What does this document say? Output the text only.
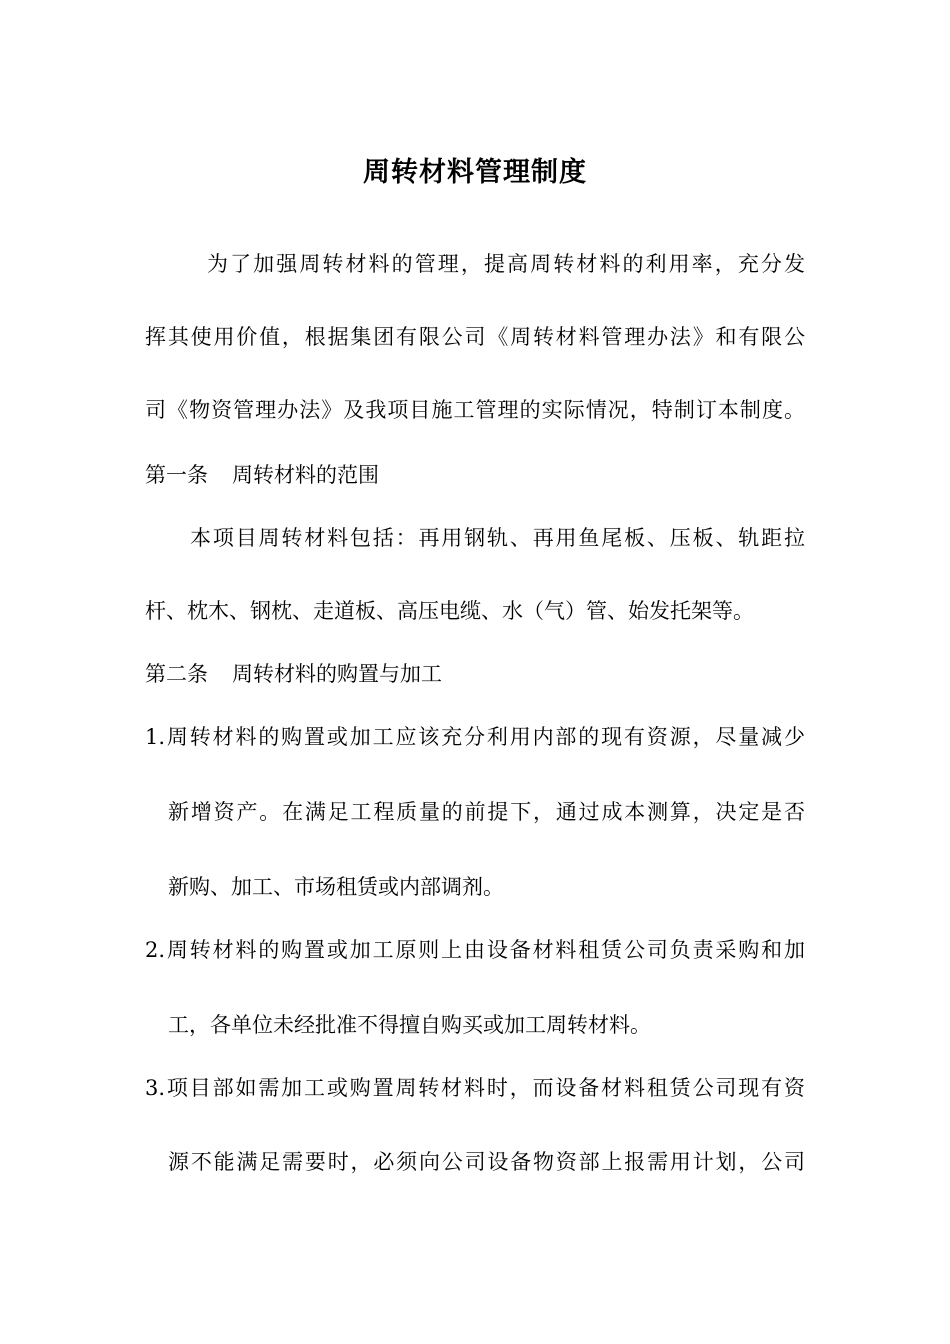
周转材料管理制度
为了加强周转材料的管理，提高周转材料的利用率，充分发
挥其使用价值，根据集团有限公司《周转材料管理办法》和有限公
司《物资管理办法》及我项目施工管理的实际情况，特制订本制度。
第一条 周转材料的范围
本项目周转材料包括：再用钢轨、再用鱼尾板、压板、轨距拉
杆、枕木、钢枕、走道板、高压电缆、水（气）管、始发托架等。
第二条 周转材料的购置与加工
1.周转材料的购置或加工应该充分利用内部的现有资源，尽量减少
新增资产。在满足工程质量的前提下，通过成本测算，决定是否
新购、加工、市场租赁或内部调剂。
2.周转材料的购置或加工原则上由设备材料租赁公司负责采购和加
工，各单位未经批准不得擅自购买或加工周转材料。
3.项目部如需加工或购置周转材料时，而设备材料租赁公司现有资
源不能满足需要时，必须向公司设备物资部上报需用计划，公司
